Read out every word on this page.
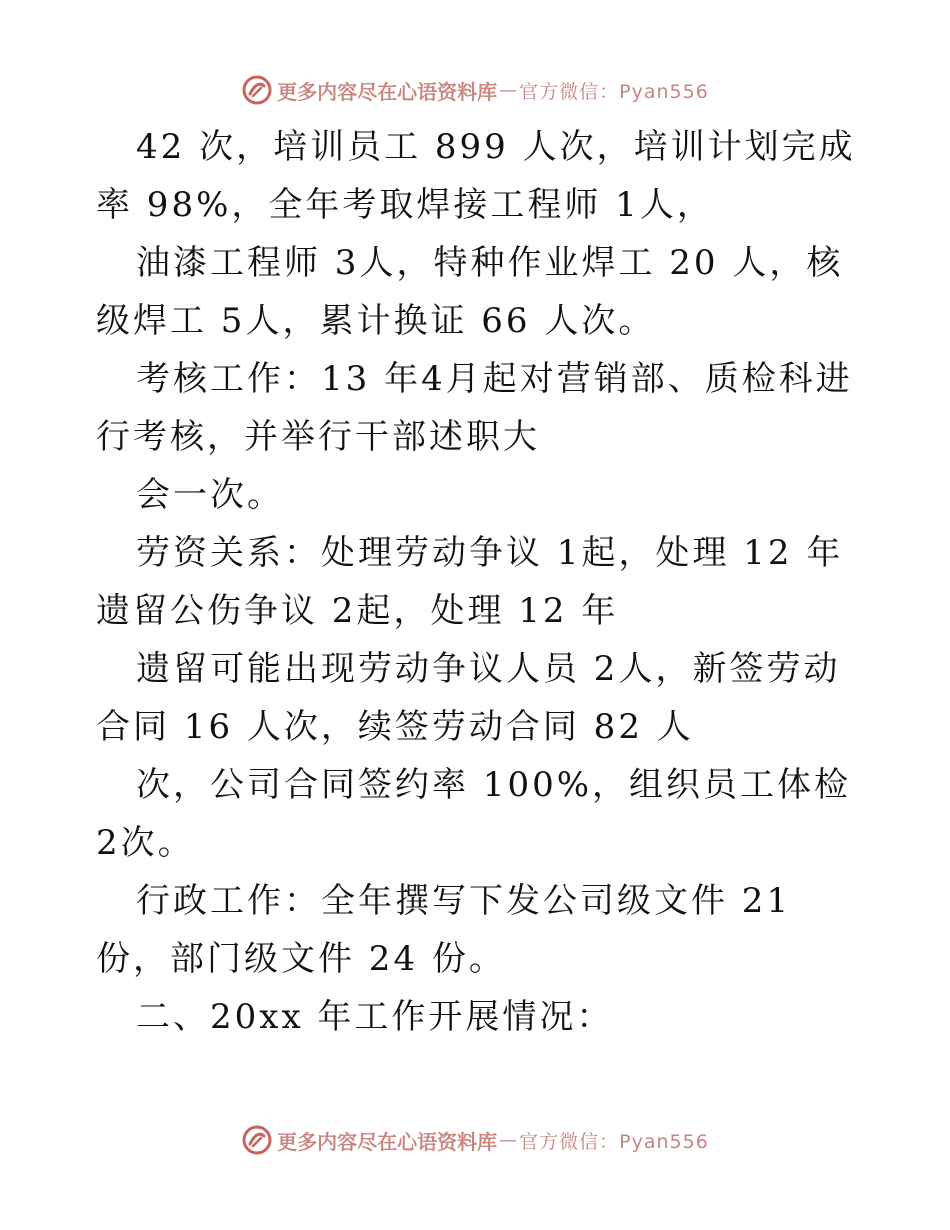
更多内容尽在心语资料库 — 官方微信：Pyan556

42 次，培训员工 899 人次，培训计划完成率 98%，全年考取焊接工程师 1人，

油漆工程师 3人，特种作业焊工 20 人，核级焊工 5人，累计换证 66 人次。

考核工作：13 年4月起对营销部、质检科进行考核，并举行干部述职大

会一次。

劳资关系：处理劳动争议 1起，处理 12 年遗留公伤争议 2起，处理 12 年

遗留可能出现劳动争议人员 2人，新签劳动合同 16 人次，续签劳动合同 82 人

次，公司合同签约率 100%，组织员工体检 2次。

行政工作：全年撰写下发公司级文件 21 份，部门级文件 24 份。

二、20xx 年工作开展情况：

更多内容尽在心语资料库 — 官方微信：Pyan556
